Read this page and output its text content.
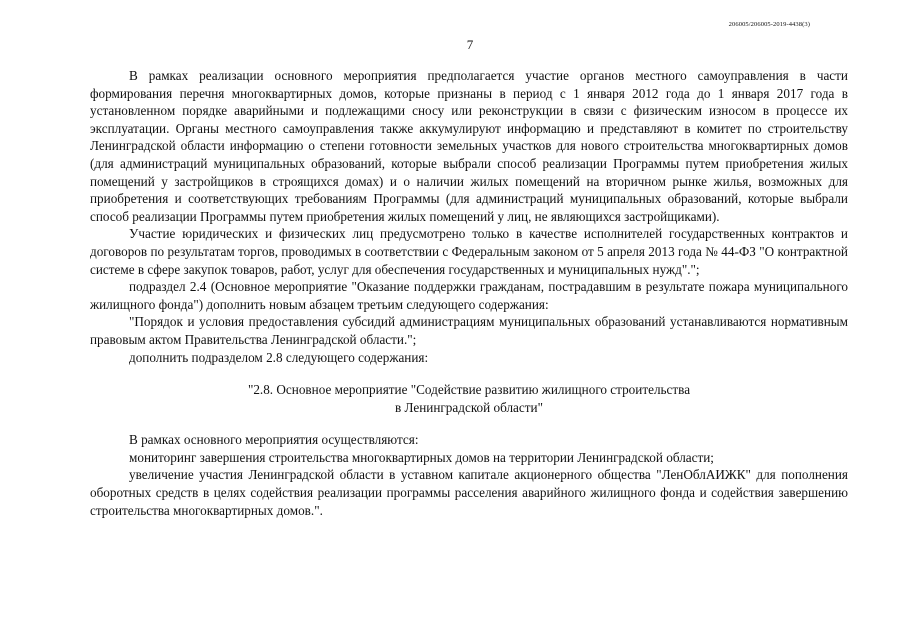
206005/206005-2019-4438(3)
7

В рамках реализации основного мероприятия предполагается участие органов местного самоуправления в части формирования перечня многоквартирных домов, которые признаны в период с 1 января 2012 года до 1 января 2017 года в установленном порядке аварийными и подлежащими сносу или реконструкции в связи с физическим износом в процессе их эксплуатации. Органы местного самоуправления также аккумулируют информацию и представляют в комитет по строительству Ленинградской области информацию о степени готовности земельных участков для нового строительства многоквартирных домов (для администраций муниципальных образований, которые выбрали способ реализации Программы путем приобретения жилых помещений у застройщиков в строящихся домах) и о наличии жилых помещений на вторичном рынке жилья, возможных для приобретения и соответствующих требованиям Программы (для администраций муниципальных образований, которые выбрали способ реализации Программы путем приобретения жилых помещений у лиц, не являющихся застройщиками).

Участие юридических и физических лиц предусмотрено только в качестве исполнителей государственных контрактов и договоров по результатам торгов, проводимых в соответствии с Федеральным законом от 5 апреля 2013 года № 44-ФЗ "О контрактной системе в сфере закупок товаров, работ, услуг для обеспечения государственных и муниципальных нужд".";

подраздел 2.4 (Основное мероприятие "Оказание поддержки гражданам, пострадавшим в результате пожара муниципального жилищного фонда") дополнить новым абзацем третьим следующего содержания:

"Порядок и условия предоставления субсидий администрациям муниципальных образований устанавливаются нормативным правовым актом Правительства Ленинградской области.";

дополнить подразделом 2.8 следующего содержания:

"2.8. Основное мероприятие "Содействие развитию жилищного строительства
в Ленинградской области"

В рамках основного мероприятия осуществляются:

мониторинг завершения строительства многоквартирных домов на территории Ленинградской области;

увеличение участия Ленинградской области в уставном капитале акционерного общества "ЛенОблАИЖК" для пополнения оборотных средств в целях содействия реализации программы расселения аварийного жилищного фонда и содействия завершению строительства многоквартирных домов.".
